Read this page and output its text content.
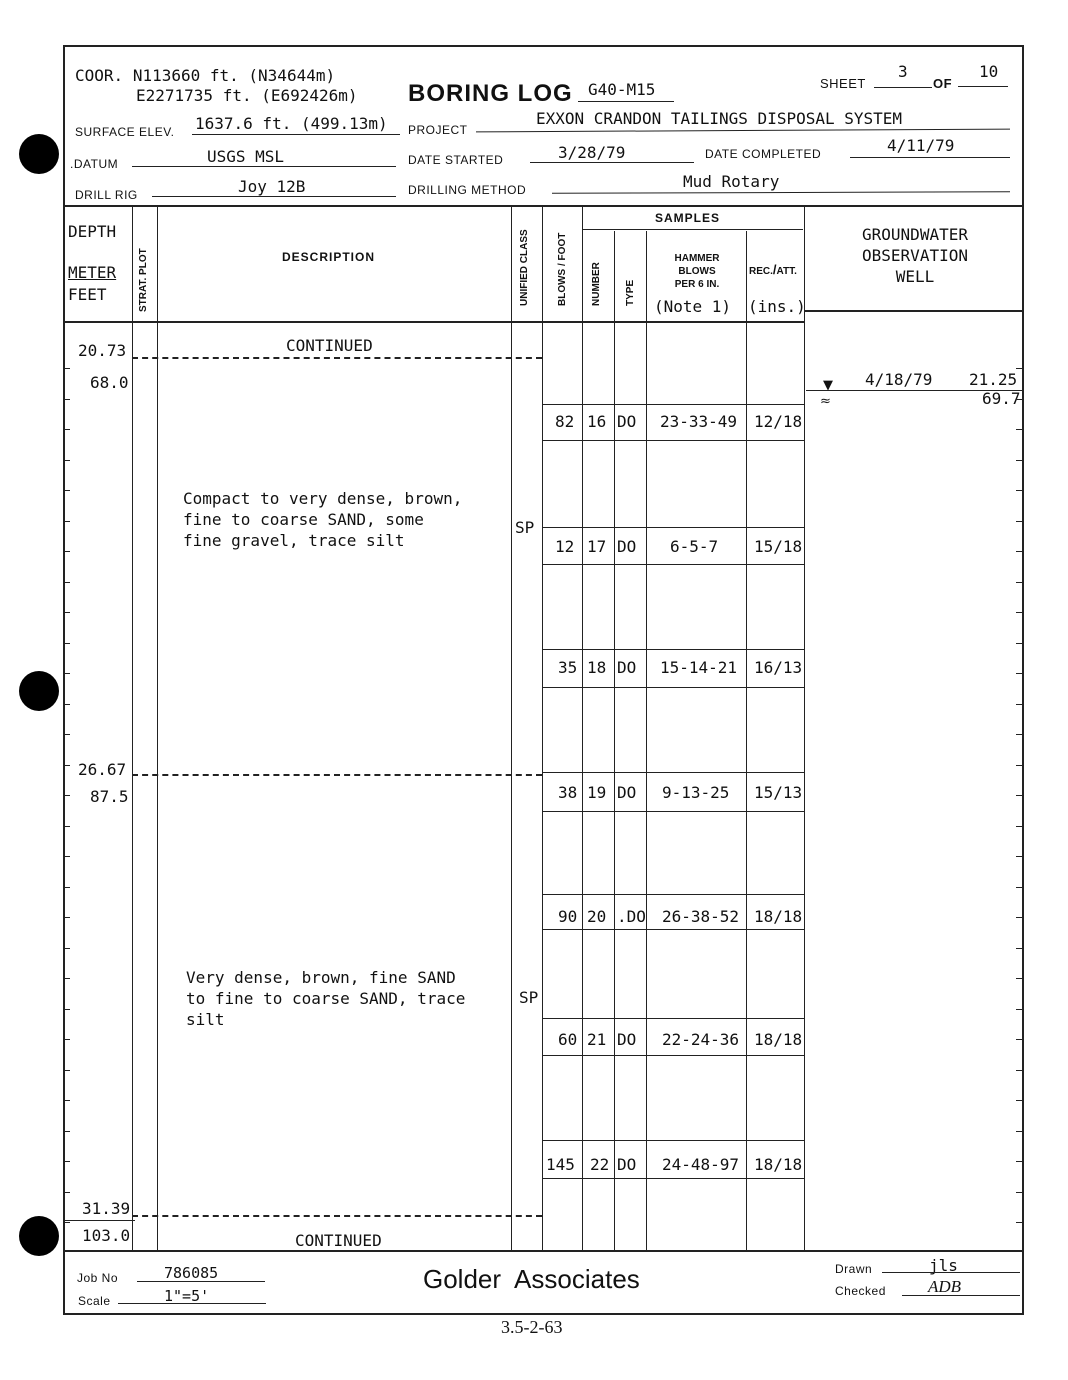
COOR. N113660 ft. (N34644m)
E2271735 ft. (E692426m) BORING LOG G40-M15	SHEET
3
OF
10
SURFACE ELEV. 1637.6 ft. (499.13m) PROJECT
EXXON CRANDON TAILINGS DISPOSAL SYSTEM
.DATUM	USGS MSL	DATE STARTED	3/28/79	DATE COMPLETED	4/11/79
DRILL RIG	Joy 12B	DRILLING METHOD	Mud Rotary
DEPTH
METER
FEET	STRAT. PLOT	DESCRIPTION	UNIFIED CLASS	BLOWS / FOOT
SAMPLES
NUMBER TYPE
HAMMER
BLOWS
PER 6 IN.
(Note 1)
REC./ATT.
(ins.)
GROUNDWATER
OBSERVATION
WELL
CONTINUED
20.73
68.0
Compact to very dense, brown,
fine to coarse SAND, some
fine gravel, trace silt
SP
26.67
87.5
Very dense, brown, fine SAND
to fine to coarse SAND, trace
silt
SP
31.39
103.0	CONTINUED
82 16 DO 23-33-49 12/18
12 17 DO 6-5-7 15/18
35 18 DO 15-14-21 16/13
38 19 DO 9-13-25 15/13
90 20 .DO 26-38-52 18/18
60 21 DO 22-24-36 18/18
145 22 DO 24-48-97 18/18
▼
≈
4/18/79 21.25
69.7
Job No	786085
Scale	1"=5'
Golder  Associates	Drawn	jls
Checked ADB
3.5-2-63
